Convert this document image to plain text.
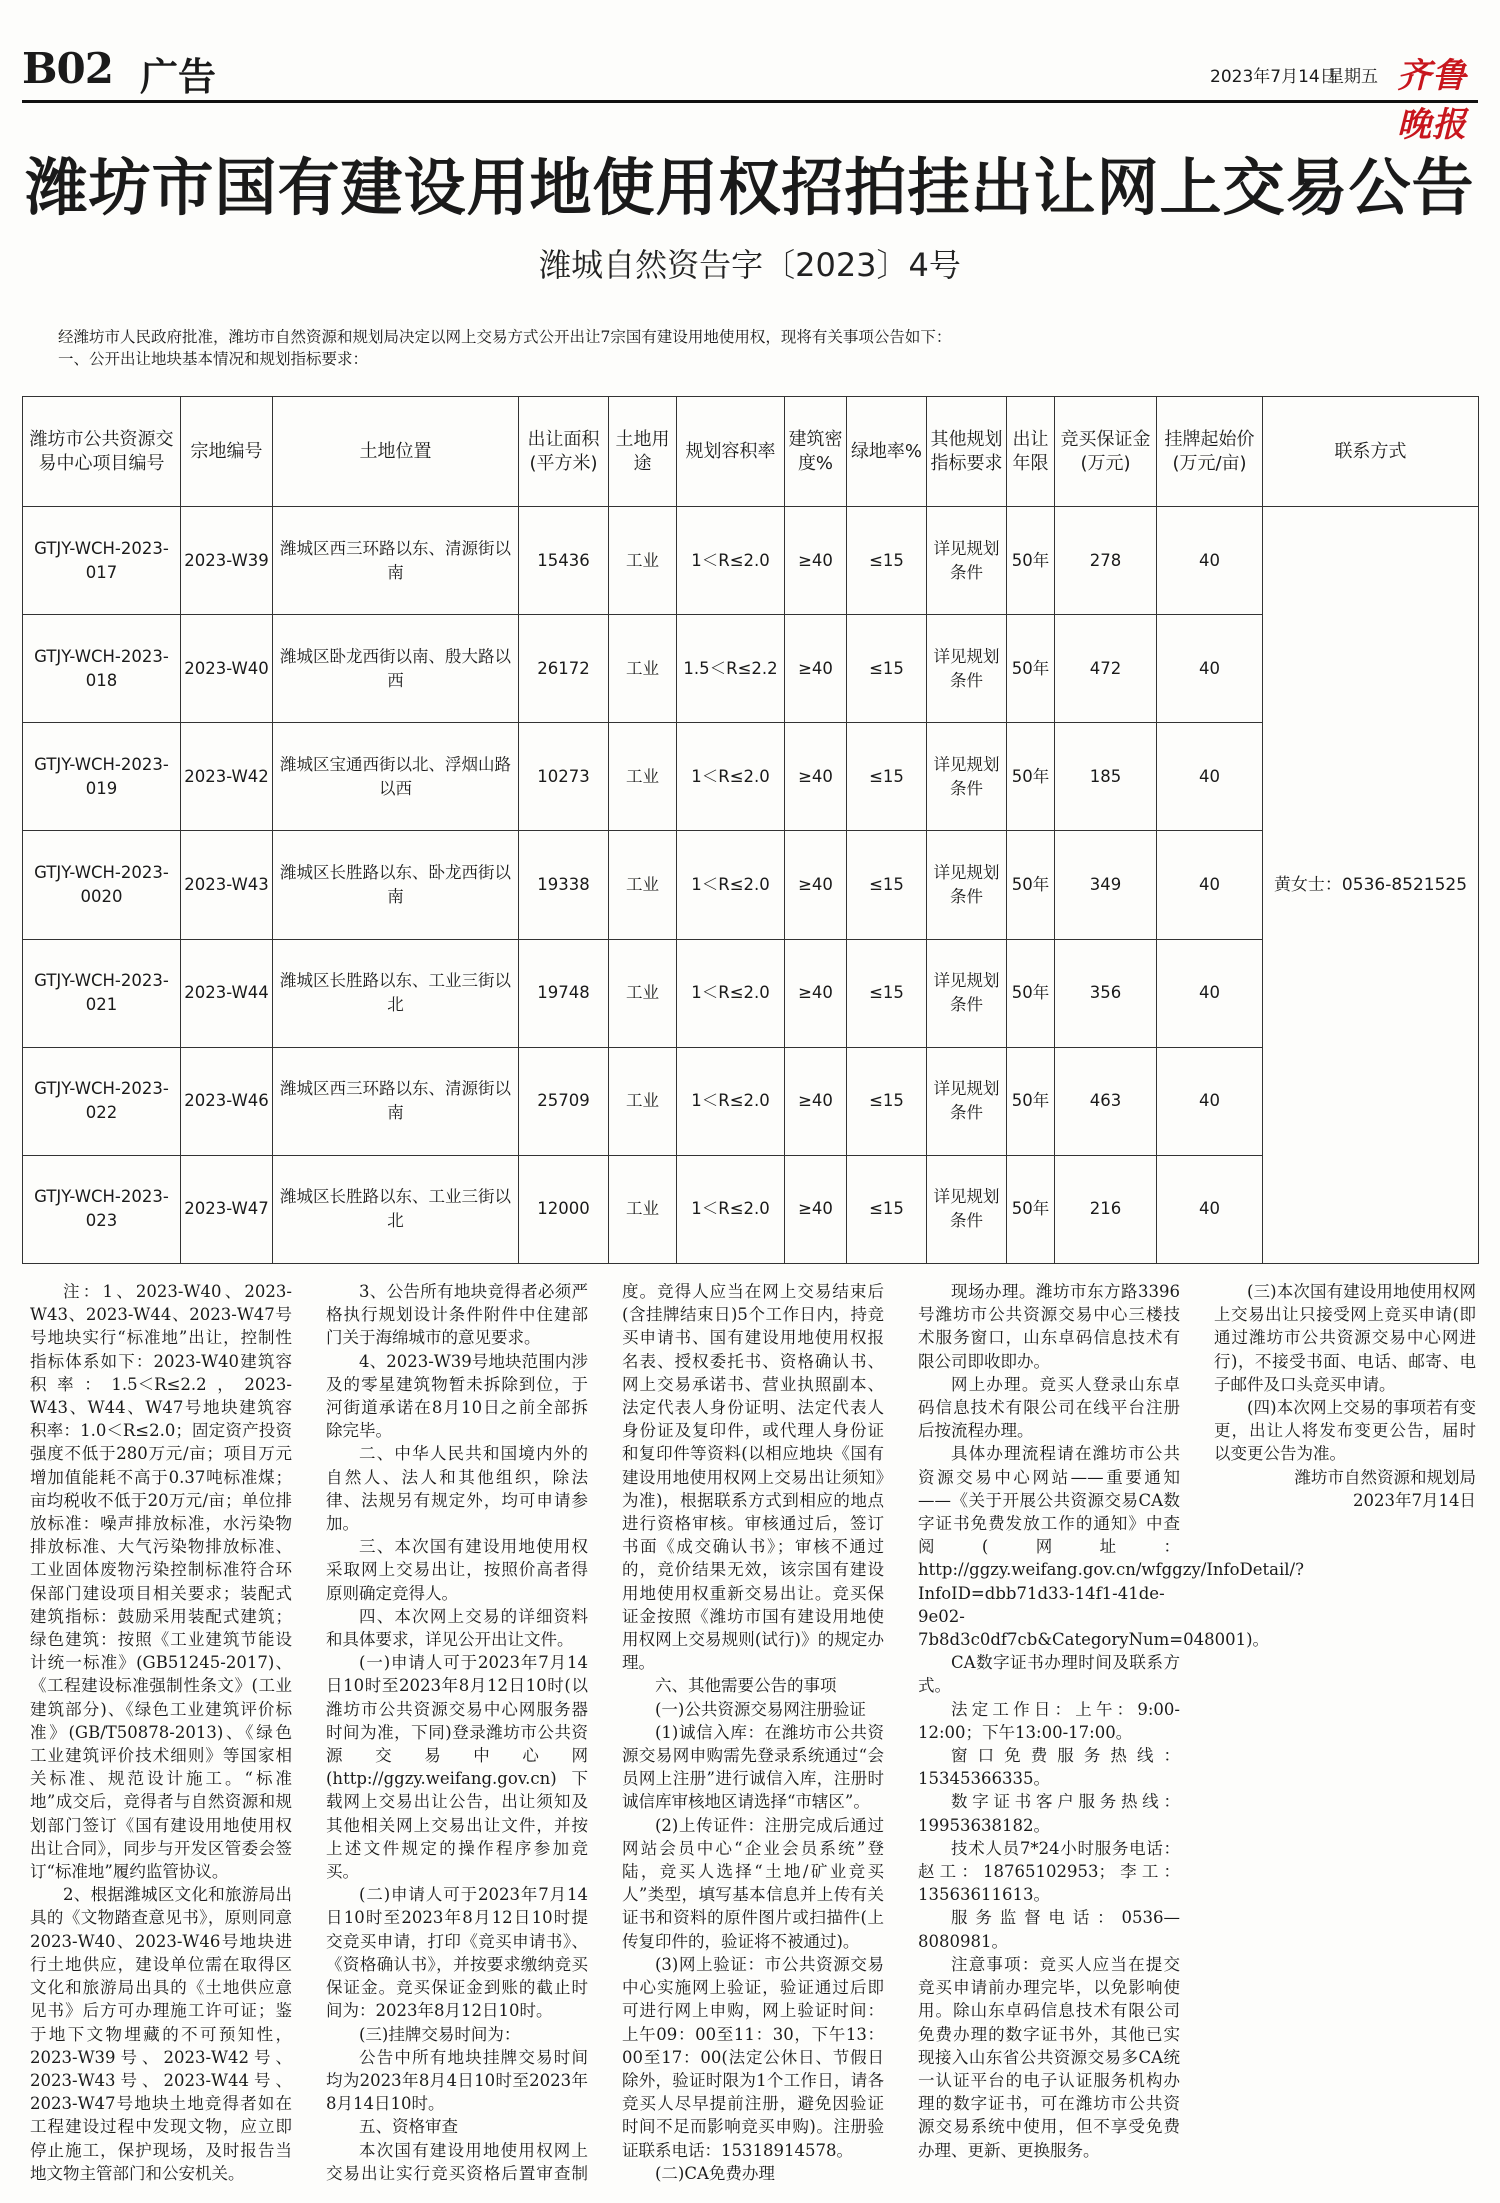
B02 广告	2023年7月14日
星期五 齐鲁晚报
潍坊市国有建设用地使用权招拍挂出让网上交易公告
潍城自然资告字〔2023〕4号
经潍坊市人民政府批准，潍坊市自然资源和规划局决定以网上交易方式公开出让7宗国有建设用地使用权，现将有关事项公告如下：
一、公开出让地块基本情况和规划指标要求：
潍坊市公共资源交易中心项目编号	宗地编号	土地位置	出让面积(平方米)	土地用途	规划容积率	建筑密度%	绿地率%	其他规划指标要求	出让年限	竞买保证金(万元)	挂牌起始价(万元/亩)	联系方式
GTJY-WCH-2023-017	2023-W39	潍城区西三环路以东、清源街以南	15436	工业	1＜R≤2.0	≥40	≤15	详见规划条件	50年	278	40	黄女士：0536-8521525
GTJY-WCH-2023-018	2023-W40	潍城区卧龙西街以南、殷大路以西	26172	工业	1.5＜R≤2.2	≥40	≤15	详见规划条件	50年	472	40	
GTJY-WCH-2023-019	2023-W42	潍城区宝通西街以北、浮烟山路以西	10273	工业	1＜R≤2.0	≥40	≤15	详见规划条件	50年	185	40	
GTJY-WCH-2023-0020	2023-W43	潍城区长胜路以东、卧龙西街以南	19338	工业	1＜R≤2.0	≥40	≤15	详见规划条件	50年	349	40	
GTJY-WCH-2023-021	2023-W44	潍城区长胜路以东、工业三街以北	19748	工业	1＜R≤2.0	≥40	≤15	详见规划条件	50年	356	40	
GTJY-WCH-2023-022	2023-W46	潍城区西三环路以东、清源街以南	25709	工业	1＜R≤2.0	≥40	≤15	详见规划条件	50年	463	40	
GTJY-WCH-2023-023	2023-W47	潍城区长胜路以东、工业三街以北	12000	工业	1＜R≤2.0	≥40	≤15	详见规划条件	50年	216	40	

注：1、2023-W40、2023-W43、2023-W44、2023-W47号号地块实行“标准地”出让，控制性指标体系如下：2023-W40建筑容积率：1.5＜R≤2.2，2023-W43、W44、W47号地块建筑容积率：1.0＜R≤2.0；固定资产投资强度不低于280万元/亩；项目万元增加值能耗不高于0.37吨标准煤；亩均税收不低于20万元/亩；单位排放标准：噪声排放标准，水污染物排放标准、大气污染物排放标准、工业固体废物污染控制标准符合环保部门建设项目相关要求；装配式建筑指标：鼓励采用装配式建筑；绿色建筑：按照《工业建筑节能设计统一标准》(GB51245-2017)、《工程建设标准强制性条文》(工业建筑部分)、《绿色工业建筑评价标准》(GB/T50878-2013)、《绿色工业建筑评价技术细则》等国家相关标准、规范设计施工。“标准地”成交后，竞得者与自然资源和规划部门签订《国有建设用地使用权出让合同》，同步与开发区管委会签订“标准地”履约监管协议。

2、根据潍城区文化和旅游局出具的《文物踏查意见书》，原则同意2023-W40、2023-W46号地块进行土地供应，建设单位需在取得区文化和旅游局出具的《土地供应意见书》后方可办理施工许可证；鉴于地下文物埋藏的不可预知性，2023-W39号、2023-W42号、2023-W43号、2023-W44号、2023-W47号地块土地竞得者如在工程建设过程中发现文物，应立即停止施工，保护现场，及时报告当地文物主管部门和公安机关。

3、公告所有地块竞得者必须严格执行规划设计条件附件中住建部门关于海绵城市的意见要求。

4、2023-W39号地块范围内涉及的零星建筑物暂未拆除到位，于河街道承诺在8月10日之前全部拆除完毕。

二、中华人民共和国境内外的自然人、法人和其他组织，除法律、法规另有规定外，均可申请参加。

三、本次国有建设用地使用权采取网上交易出让，按照价高者得原则确定竞得人。

四、本次网上交易的详细资料和具体要求，详见公开出让文件。

(一)申请人可于2023年7月14日10时至2023年8月12日10时(以潍坊市公共资源交易中心网服务器时间为准，下同)登录潍坊市公共资源交易中心网(http://ggzy.weifang.gov.cn)下载网上交易出让公告，出让须知及其他相关网上交易出让文件，并按上述文件规定的操作程序参加竞买。

(二)申请人可于2023年7月14日10时至2023年8月12日10时提交竞买申请，打印《竞买申请书》、《资格确认书》，并按要求缴纳竞买保证金。竞买保证金到账的截止时间为：2023年8月12日10时。

(三)挂牌交易时间为：

公告中所有地块挂牌交易时间均为2023年8月4日10时至2023年8月14日10时。

五、资格审查

本次国有建设用地使用权网上交易出让实行竞买资格后置审查制度。竞得人应当在网上交易结束后(含挂牌结束日)5个工作日内，持竞买申请书、国有建设用地使用权报名表、授权委托书、资格确认书、网上交易承诺书、营业执照副本、法定代表人身份证明、法定代表人身份证及复印件，或代理人身份证和复印件等资料(以相应地块《国有建设用地使用权网上交易出让须知》为准)，根据联系方式到相应的地点进行资格审核。审核通过后，签订书面《成交确认书》；审核不通过的，竞价结果无效，该宗国有建设用地使用权重新交易出让。竞买保证金按照《潍坊市国有建设用地使用权网上交易规则(试行)》的规定办理。

六、其他需要公告的事项

(一)公共资源交易网注册验证

(1)诚信入库：在潍坊市公共资源交易网申购需先登录系统通过“会员网上注册”进行诚信入库，注册时诚信库审核地区请选择“市辖区”。

(2)上传证件：注册完成后通过网站会员中心“企业会员系统”登陆，竞买人选择“土地/矿业竞买人”类型，填写基本信息并上传有关证书和资料的原件图片或扫描件(上传复印件的，验证将不被通过)。

(3)网上验证：市公共资源交易中心实施网上验证，验证通过后即可进行网上申购，网上验证时间：上午09：00至11：30，下午13：00至17：00(法定公休日、节假日除外，验证时限为1个工作日，请各竞买人尽早提前注册，避免因验证时间不足而影响竞买申购)。注册验证联系电话：15318914578。

(二)CA免费办理

现场办理。潍坊市东方路3396号潍坊市公共资源交易中心三楼技术服务窗口，山东卓码信息技术有限公司即收即办。

网上办理。竞买人登录山东卓码信息技术有限公司在线平台注册后按流程办理。

具体办理流程请在潍坊市公共资源交易中心网站——重要通知——《关于开展公共资源交易CA数字证书免费发放工作的通知》中查阅(网址：http://ggzy.weifang.gov.cn/wfggzy/InfoDetail/?InfoID=dbb71d33-14f1-41de-9e02-7b8d3c0df7cb&CategoryNum=048001)。

CA数字证书办理时间及联系方式。

法定工作日：上午：9:00-12:00；下午13:00-17:00。

窗口免费服务热线：15345366335。

数字证书客户服务热线：19953638182。

技术人员7*24小时服务电话：赵工：18765102953；李工：13563611613。

服务监督电话：0536—8080981。

注意事项：竞买人应当在提交竞买申请前办理完毕，以免影响使用。除山东卓码信息技术有限公司免费办理的数字证书外，其他已实现接入山东省公共资源交易多CA统一认证平台的电子认证服务机构办理的数字证书，可在潍坊市公共资源交易系统中使用，但不享受免费办理、更新、更换服务。

(三)本次国有建设用地使用权网上交易出让只接受网上竞买申请(即通过潍坊市公共资源交易中心网进行)，不接受书面、电话、邮寄、电子邮件及口头竞买申请。

(四)本次网上交易的事项若有变更，出让人将发布变更公告，届时以变更公告为准。

潍坊市自然资源和规划局

2023年7月14日
